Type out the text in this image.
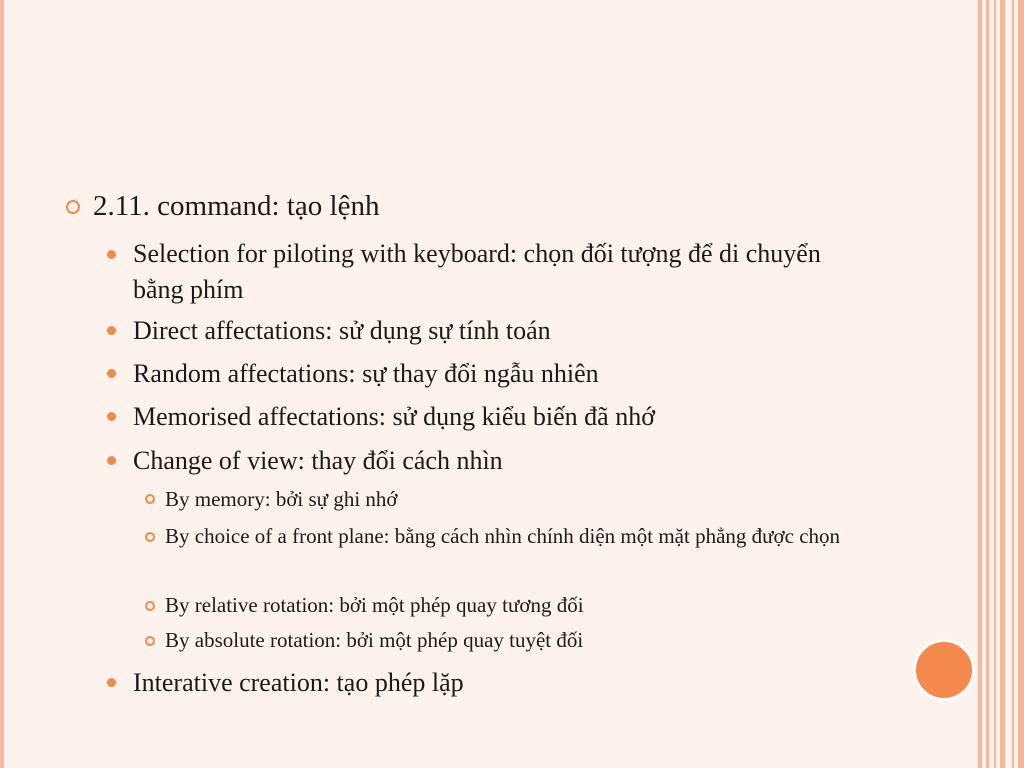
2.11. command: tạo lệnh
Selection for piloting with keyboard: chọn đối tượng để di chuyển bằng phím
Direct affectations: sử dụng sự tính toán
Random affectations: sự thay đổi ngẫu nhiên
Memorised affectations: sử dụng kiểu biến đã nhớ
Change of view: thay đổi cách nhìn
By memory: bởi sự ghi nhớ
By choice of a front plane: bằng cách nhìn chính diện một mặt phẳng được chọn
By relative rotation: bởi một phép quay tương đối
By absolute rotation: bởi một phép quay tuyệt đối
Interative creation: tạo phép lặp
